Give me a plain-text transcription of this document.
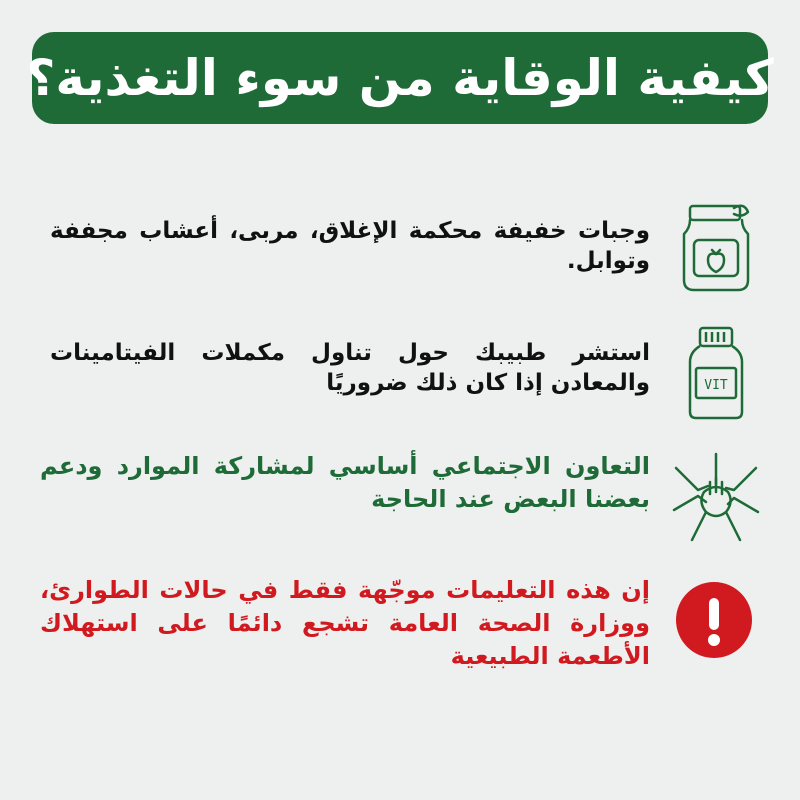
كيفية الوقاية من سوء التغذية؟
وجبات خفيفة محكمة الإغلاق، مربى، أعشاب مجففة وتوابل.
VIT
استشر طبيبك حول تناول مكملات الفيتامينات والمعادن إذا كان ذلك ضروريًا
التعاون الاجتماعي أساسي لمشاركة الموارد ودعم بعضنا البعض عند الحاجة
إن هذه التعليمات موجّهة فقط في حالات الطوارئ، ووزارة الصحة العامة تشجع دائمًا على استهلاك الأطعمة الطبيعية
